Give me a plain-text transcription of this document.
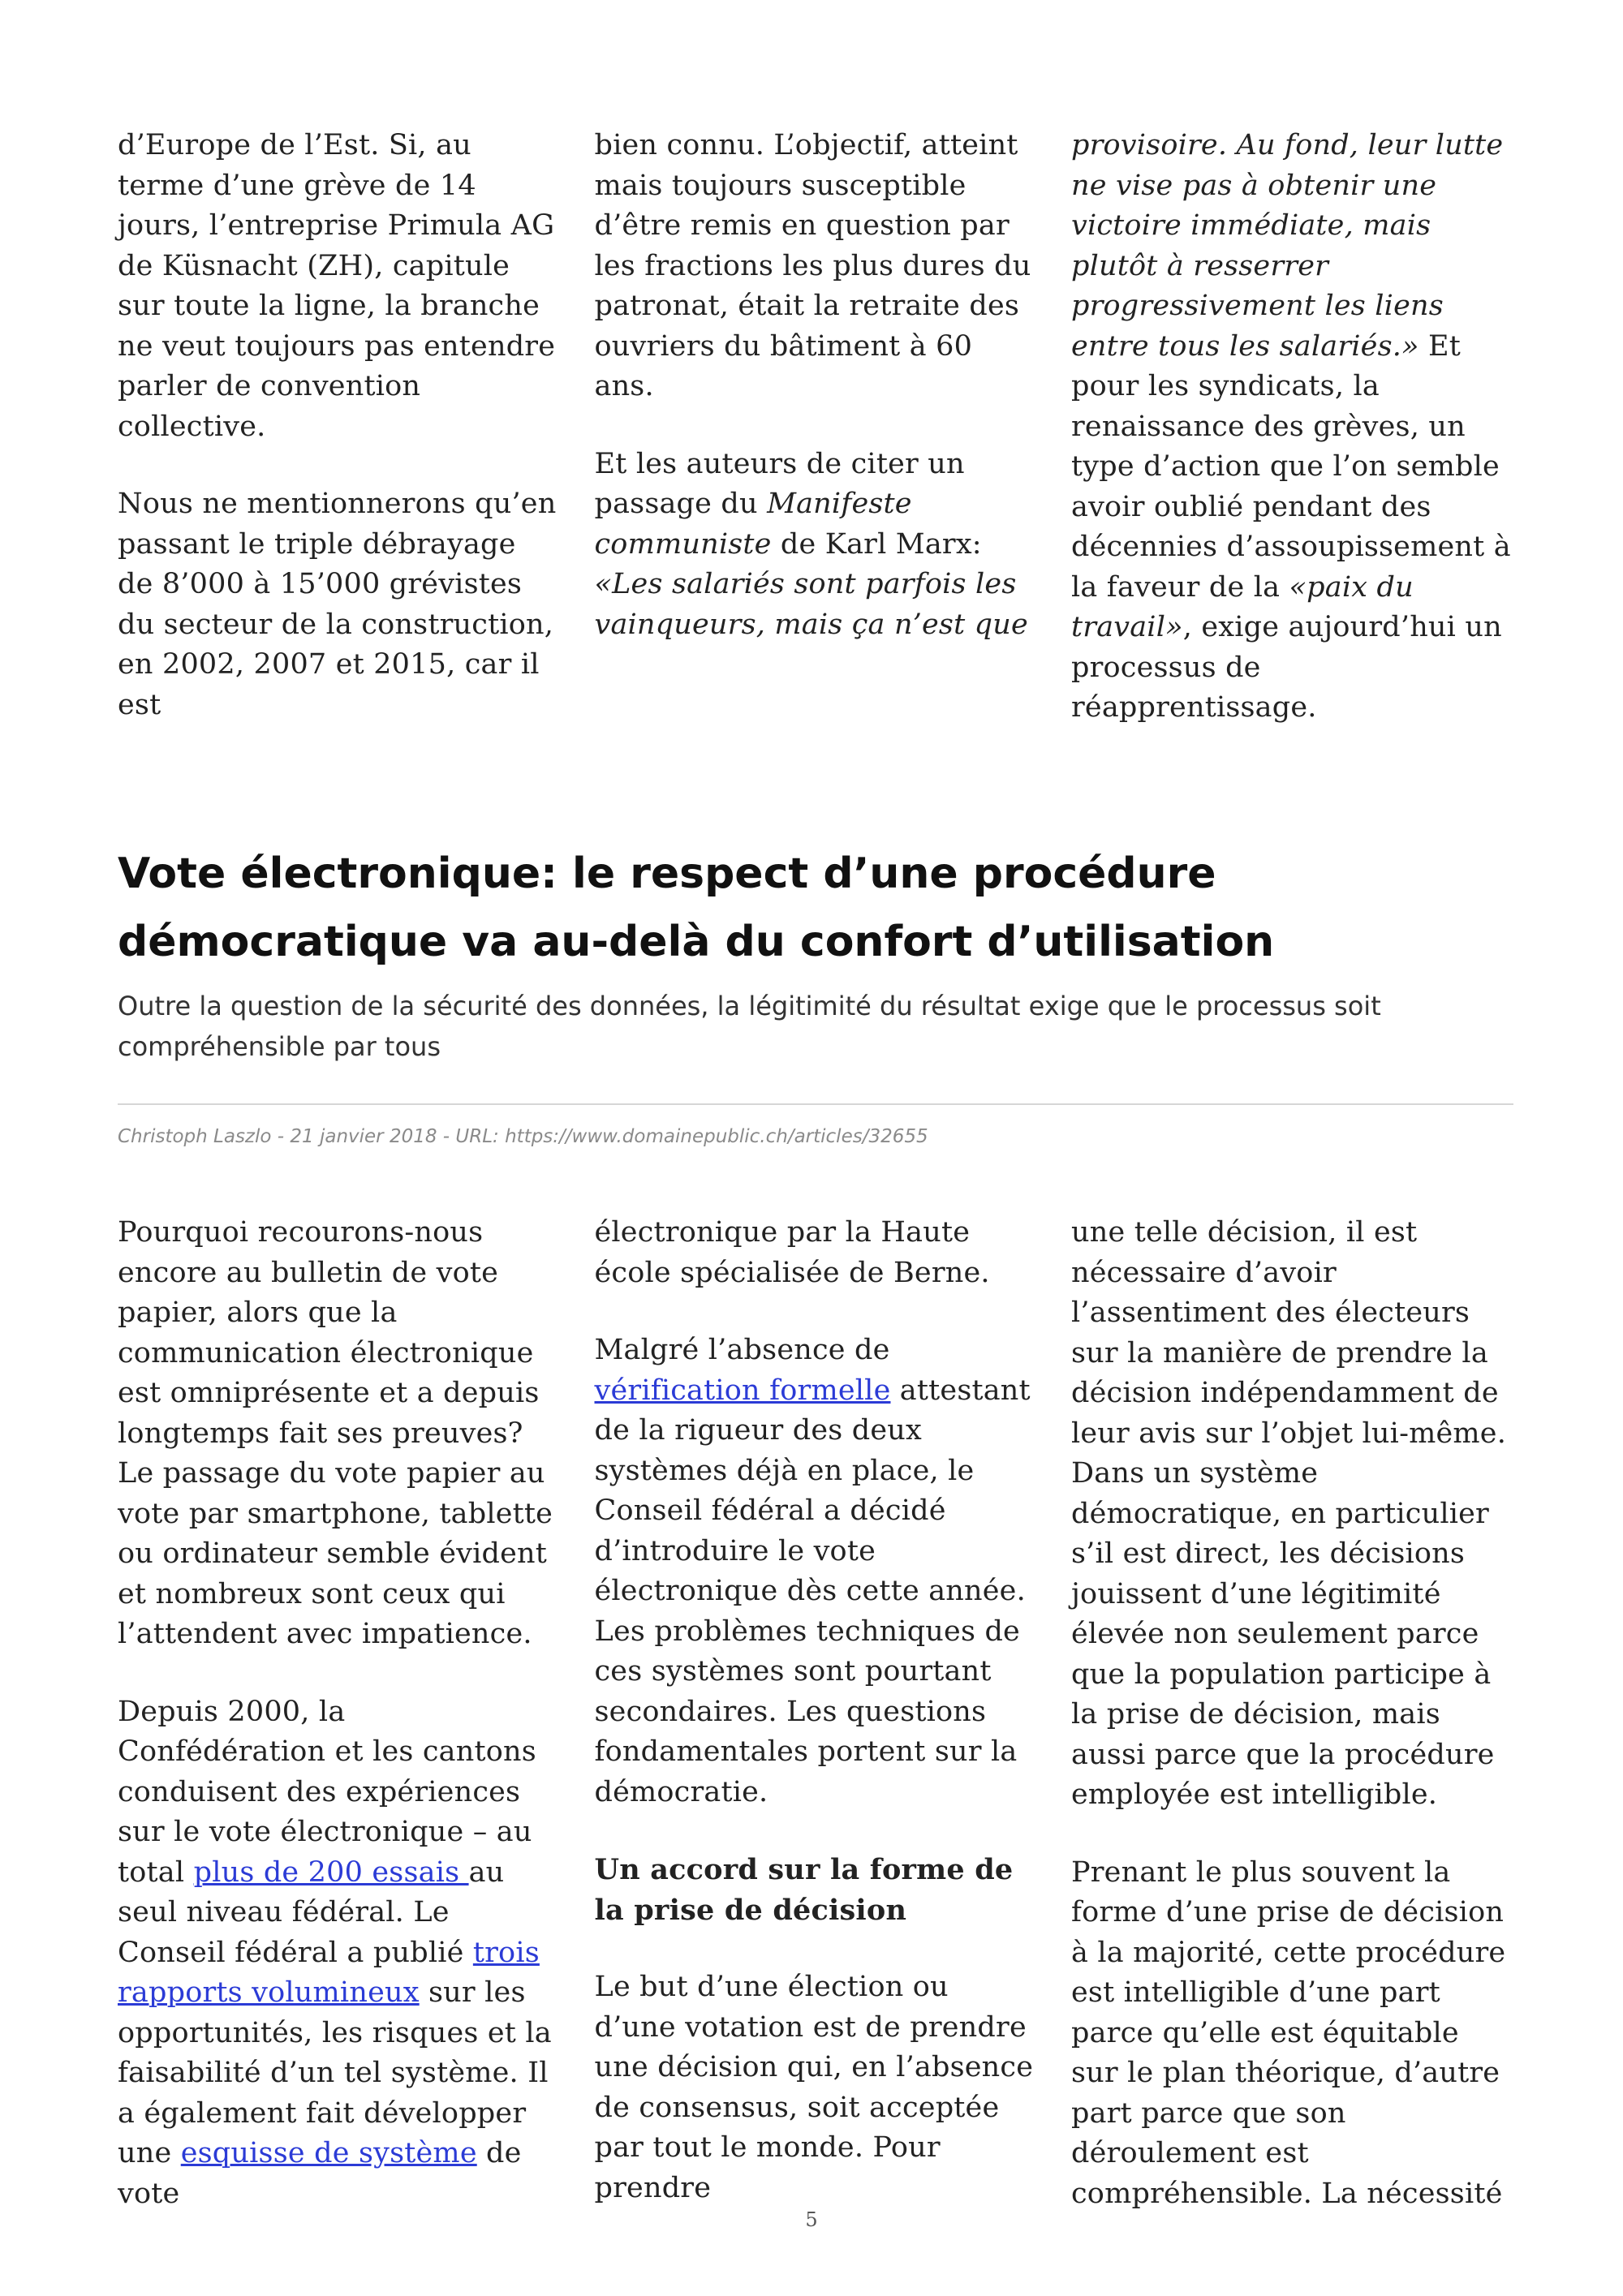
d’Europe de l’Est. Si, au terme d’une grève de 14 jours, l’entreprise Primula AG de Küsnacht (ZH), capitule sur toute la ligne, la branche ne veut toujours pas entendre parler de convention collective.

Nous ne mentionnerons qu’en passant le triple débrayage de 8’000 à 15’000 grévistes du secteur de la construction, en 2002, 2007 et 2015, car il est

bien connu. L’objectif, atteint mais toujours susceptible d’être remis en question par les fractions les plus dures du patronat, était la retraite des ouvriers du bâtiment à 60 ans.

Et les auteurs de citer un passage du Manifeste communiste de Karl Marx: «Les salariés sont parfois les vainqueurs, mais ça n’est que

provisoire. Au fond, leur lutte ne vise pas à obtenir une victoire immédiate, mais plutôt à resserrer progressivement les liens entre tous les salariés.» Et pour les syndicats, la renaissance des grèves, un type d’action que l’on semble avoir oublié pendant des décennies d’assoupissement à la faveur de la «paix du travail», exige aujourd’hui un processus de réapprentissage.

Vote électronique: le respect d’une procédure démocratique va au-delà du confort d’utilisation

Outre la question de la sécurité des données, la légitimité du résultat exige que le processus soit compréhensible par tous

Christoph Laszlo - 21 janvier 2018 - URL: https://www.domainepublic.ch/articles/32655

Pourquoi recourons-nous encore au bulletin de vote papier, alors que la communication électronique est omniprésente et a depuis longtemps fait ses preuves? Le passage du vote papier au vote par smartphone, tablette ou ordinateur semble évident et nombreux sont ceux qui l’attendent avec impatience.

Depuis 2000, la Confédération et les cantons conduisent des expériences sur le vote électronique – au total plus de 200 essais au seul niveau fédéral. Le Conseil fédéral a publié trois rapports volumineux sur les opportunités, les risques et la faisabilité d’un tel système. Il a également fait développer une esquisse de système de vote

électronique par la Haute école spécialisée de Berne.

Malgré l’absence de vérification formelle attestant de la rigueur des deux systèmes déjà en place, le Conseil fédéral a décidé d’introduire le vote électronique dès cette année. Les problèmes techniques de ces systèmes sont pourtant secondaires. Les questions fondamentales portent sur la démocratie.

Un accord sur la forme de la prise de décision

Le but d’une élection ou d’une votation est de prendre une décision qui, en l’absence de consensus, soit acceptée par tout le monde. Pour prendre

une telle décision, il est nécessaire d’avoir l’assentiment des électeurs sur la manière de prendre la décision indépendamment de leur avis sur l’objet lui-même. Dans un système démocratique, en particulier s’il est direct, les décisions jouissent d’une légitimité élevée non seulement parce que la population participe à la prise de décision, mais aussi parce que la procédure employée est intelligible.

Prenant le plus souvent la forme d’une prise de décision à la majorité, cette procédure est intelligible d’une part parce qu’elle est équitable sur le plan théorique, d’autre part parce que son déroulement est compréhensible. La nécessité

5
